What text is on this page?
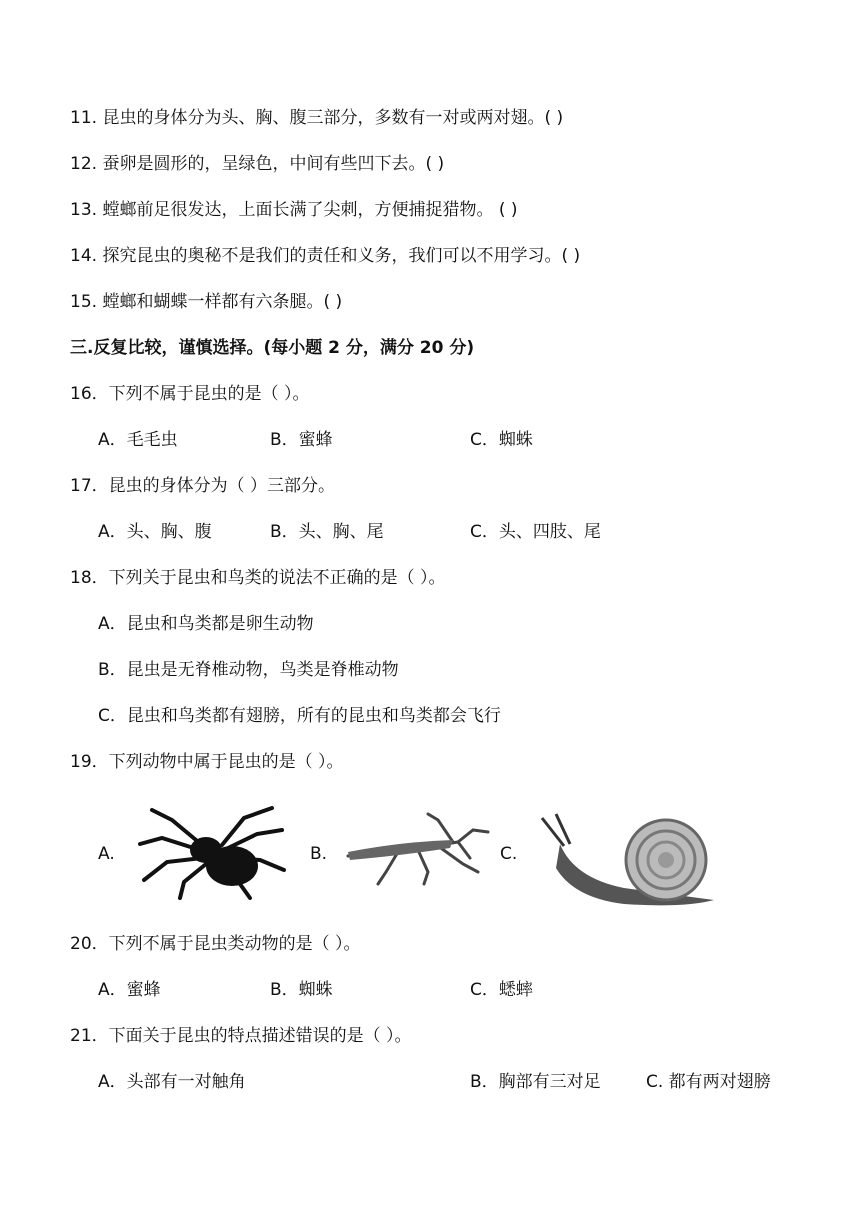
11. 昆虫的身体分为头、胸、腹三部分，多数有一对或两对翅。( )
12. 蚕卵是圆形的，呈绿色，中间有些凹下去。( )
13. 螳螂前足很发达，上面长满了尖刺，方便捕捉猎物。 ( )
14. 探究昆虫的奥秘不是我们的责任和义务，我们可以不用学习。( )
15. 螳螂和蝴蝶一样都有六条腿。( )
三.反复比较，谨慎选择。(每小题 2 分，满分 20 分)
16．下列不属于昆虫的是（ ）。
A．毛毛虫	B．蜜蜂	C．蜘蛛
17．昆虫的身体分为（ ）三部分。
A．头、胸、腹	B．头、胸、尾	C．头、四肢、尾
18．下列关于昆虫和鸟类的说法不正确的是（ ）。
A．昆虫和鸟类都是卵生动物
B．昆虫是无脊椎动物，鸟类是脊椎动物
C．昆虫和鸟类都有翅膀，所有的昆虫和鸟类都会飞行
19．下列动物中属于昆虫的是（ ）。
A.	B.	C.
20．下列不属于昆虫类动物的是（ ）。
A．蜜蜂	B．蜘蛛	C．蟋蟀
21．下面关于昆虫的特点描述错误的是（ ）。
A．头部有一对触角	B．胸部有三对足	C. 都有两对翅膀
